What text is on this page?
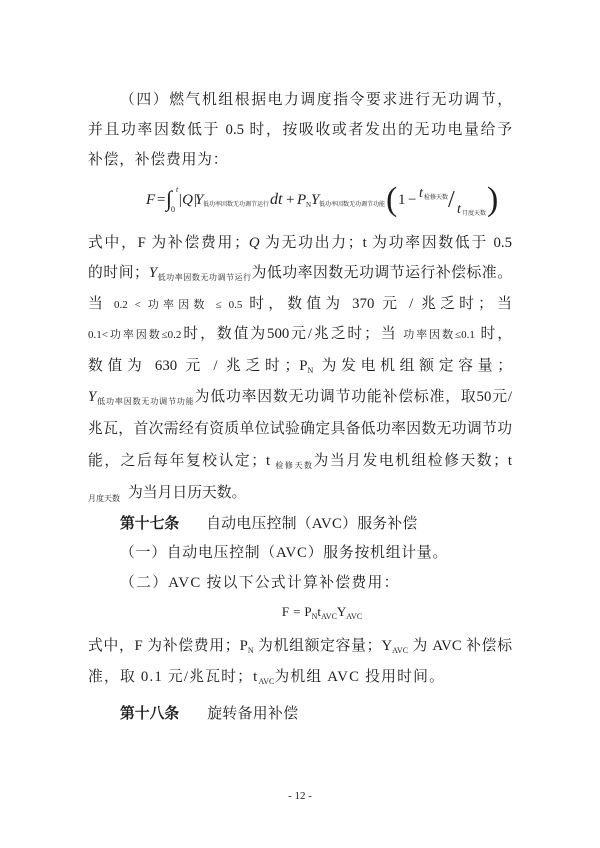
（四）燃气机组根据电力调度指令要求进行无功调节，
并且功率因数低于 0.5 时，按吸收或者发出的无功电量给予
补偿，补偿费用为：
F = ∫ t
0
|Q|
Y 低功率因数无功调节运行 dt + P N Y 低功率因数无功调节功能 ( 1 − t 检修天数 / t 月度天数 )
式中，F 为补偿费用；Q 为无功出力；t 为功率因数低于 0.5
的时间；$Y_{低功率因数无功调节运行}$为低功率因数无功调节运行补偿标准。
当 0.2 < 功率因数 ≤ 0.5 时，数值为 370 元 / 兆乏时；当
0.1<功率因数≤0.2时，数值为500元/兆乏时；当 功率因数≤0.1 时，
数值为 630 元 / 兆乏时；$P_N$ 为发电机组额定容量；
$Y_{低功率因数无功调节功能}$为低功率因数无功调节功能补偿标准，取50元/
兆瓦，首次需经有资质单位试验确定具备低功率因数无功调节功
能，之后每年复校认定；t $_{检修天数}$为当月发电机组检修天数；t
$_{月度天数}$ 为当月日历天数。
第十七条 自动电压控制（AVC）服务补偿
（一）自动电压控制（AVC）服务按机组计量。
（二）AVC 按以下公式计算补偿费用：
$F = P_Nt_{AVC}Y_{AVC}$
式中，F 为补偿费用；$P_N$ 为机组额定容量；$Y_{AVC}$ 为 AVC 补偿标
准，取 0.1 元/兆瓦时；$t_{AVC}$为机组 AVC 投用时间。
第十八条 旋转备用补偿
- 12 -
